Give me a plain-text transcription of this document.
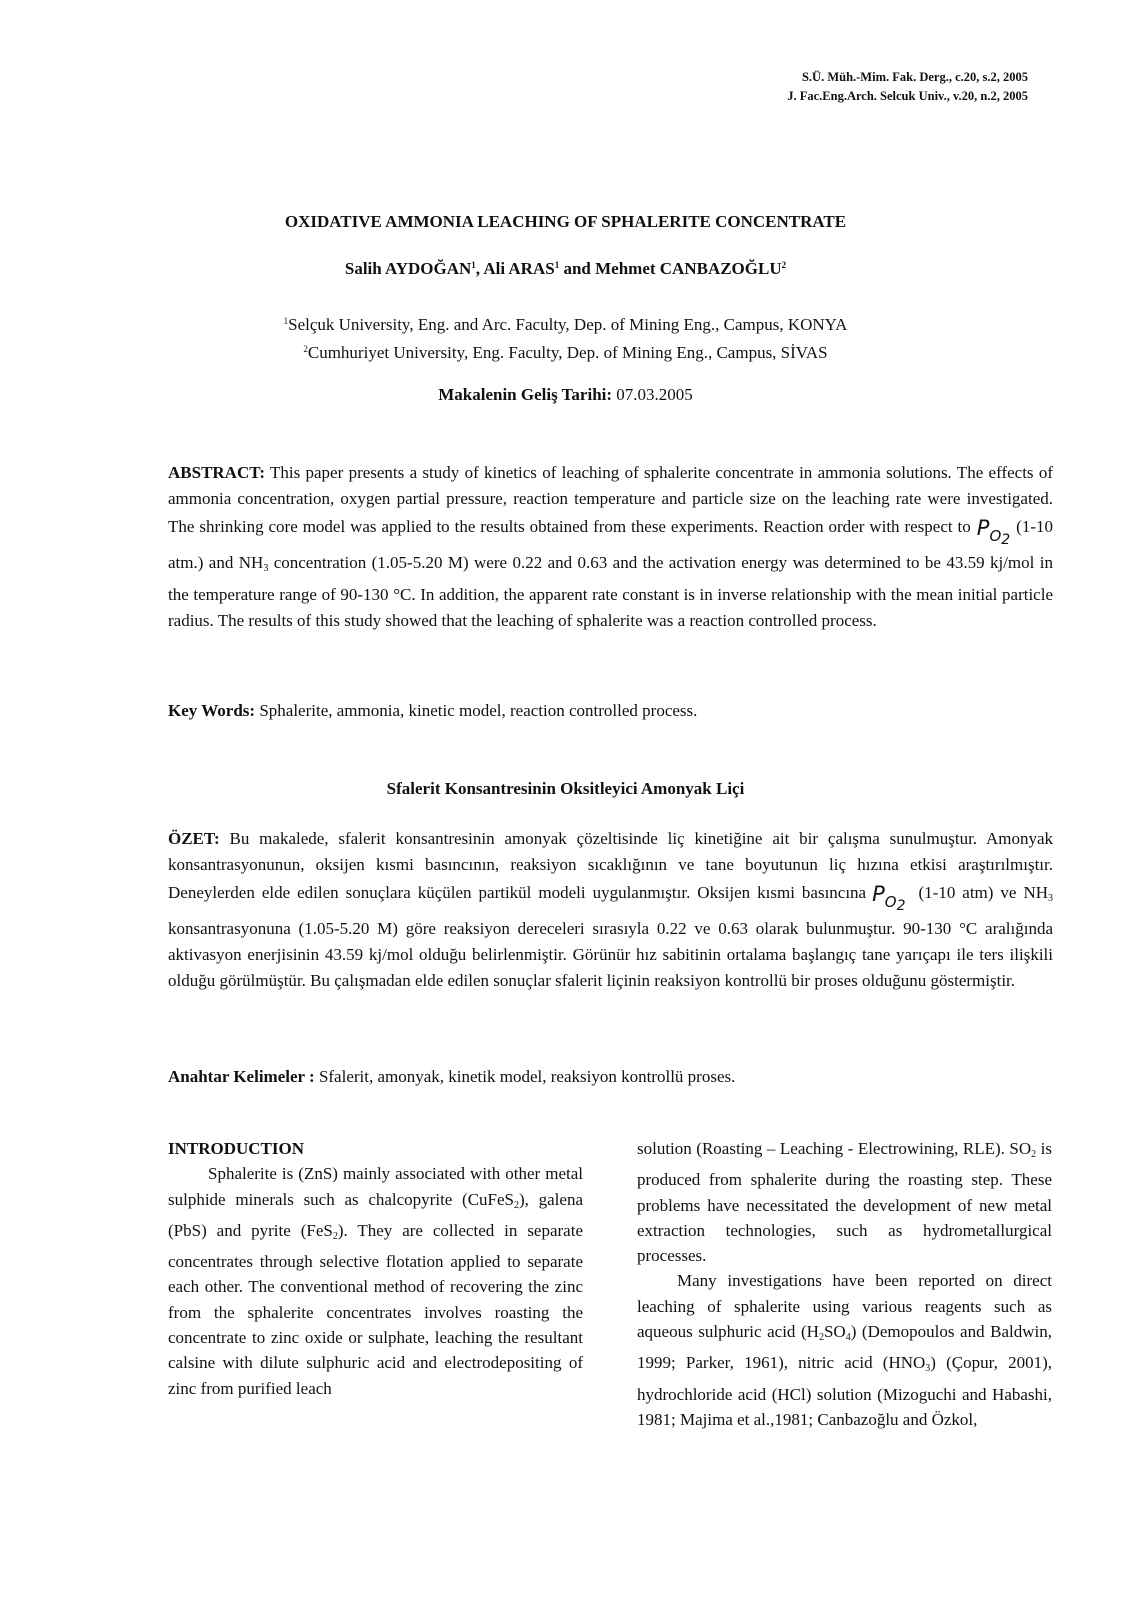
S.Ü. Müh.-Mim. Fak. Derg., c.20, s.2, 2005
J. Fac.Eng.Arch. Selcuk Univ., v.20, n.2, 2005
OXIDATIVE AMMONIA LEACHING OF SPHALERITE CONCENTRATE
Salih AYDOĞAN$^1$, Ali ARAS$^1$ and Mehmet CANBAZOĞLU$^2$
$^1$Selçuk University, Eng. and Arc. Faculty, Dep. of Mining Eng., Campus, KONYA
$^2$Cumhuriyet University, Eng. Faculty, Dep. of Mining Eng., Campus, SİVAS
Makalenin Geliş Tarihi: 07.03.2005
ABSTRACT: This paper presents a study of kinetics of leaching of sphalerite concentrate in ammonia solutions. The effects of ammonia concentration, oxygen partial pressure, reaction temperature and particle size on the leaching rate were investigated. The shrinking core model was applied to the results obtained from these experiments. Reaction order with respect to $P_{O2}(1-10$ atm.) and $NH_3$ concentration (1.05-5.20 M) were 0.22 and 0.63 and the activation energy was determined to be 43.59 kj/mol in the temperature range of 90-130 °C. In addition, the apparent rate constant is in inverse relationship with the mean initial particle radius. The results of this study showed that the leaching of sphalerite was a reaction controlled process.
Key Words: Sphalerite, ammonia, kinetic model, reaction controlled process.
Sfalerit Konsantresinin Oksitleyici Amonyak Liçi
ÖZET: Bu makalede, sfalerit konsantresinin amonyak çözeltisinde liç kinetiğine ait bir çalışma sunulmuştur. Amonyak konsantrasyonunun, oksijen kısmi basıncının, reaksiyon sıcaklığının ve tane boyutunun liç hızına etkisi araştırılmıştır. Deneylerden elde edilen sonuçlara küçülen partikül modeli uygulanmıştır. Oksijen kısmi basıncına $P_{O2}$ (1-10 atm) ve $NH_3$ konsantrasyonuna (1.05-5.20 M) göre reaksiyon dereceleri sırasıyla 0.22 ve 0.63 olarak bulunmuştur. 90-130 °C aralığında aktivasyon enerjisinin 43.59 kj/mol olduğu belirlenmiştir. Görünür hız sabitinin ortalama başlangıç tane yarıçapı ile ters ilişkili olduğu görülmüştür. Bu çalışmadan elde edilen sonuçlar sfalerit liçinin reaksiyon kontrollü bir proses olduğunu göstermiştir.
Anahtar Kelimeler : Sfalerit, amonyak, kinetik model, reaksiyon kontrollü proses.

INTRODUCTION

Sphalerite is (ZnS) mainly associated with other metal sulphide minerals such as chalcopyrite (CuFeS$_2$), galena (PbS) and pyrite (FeS$_2$). They are collected in separate concentrates through selective flotation applied to separate each other. The conventional method of recovering the zinc from the sphalerite concentrates involves roasting the concentrate to zinc oxide or sulphate, leaching the resultant calsine with dilute sulphuric acid and electrodepositing of zinc from purified leach

solution (Roasting – Leaching - Electrowining, RLE). $SO_2$ is produced from sphalerite during the roasting step. These problems have necessitated the development of new metal extraction technologies, such as hydrometallurgical processes.

Many investigations have been reported on direct leaching of sphalerite using various reagents such as aqueous sulphuric acid $(H_2SO_4)$ (Demopoulos and Baldwin, 1999; Parker, 1961), nitric acid $(HNO_3)$ (Çopur, 2001), hydrochloride acid (HCl) solution (Mizoguchi and Habashi, 1981; Majima et al.,1981; Canbazoğlu and Özkol,
